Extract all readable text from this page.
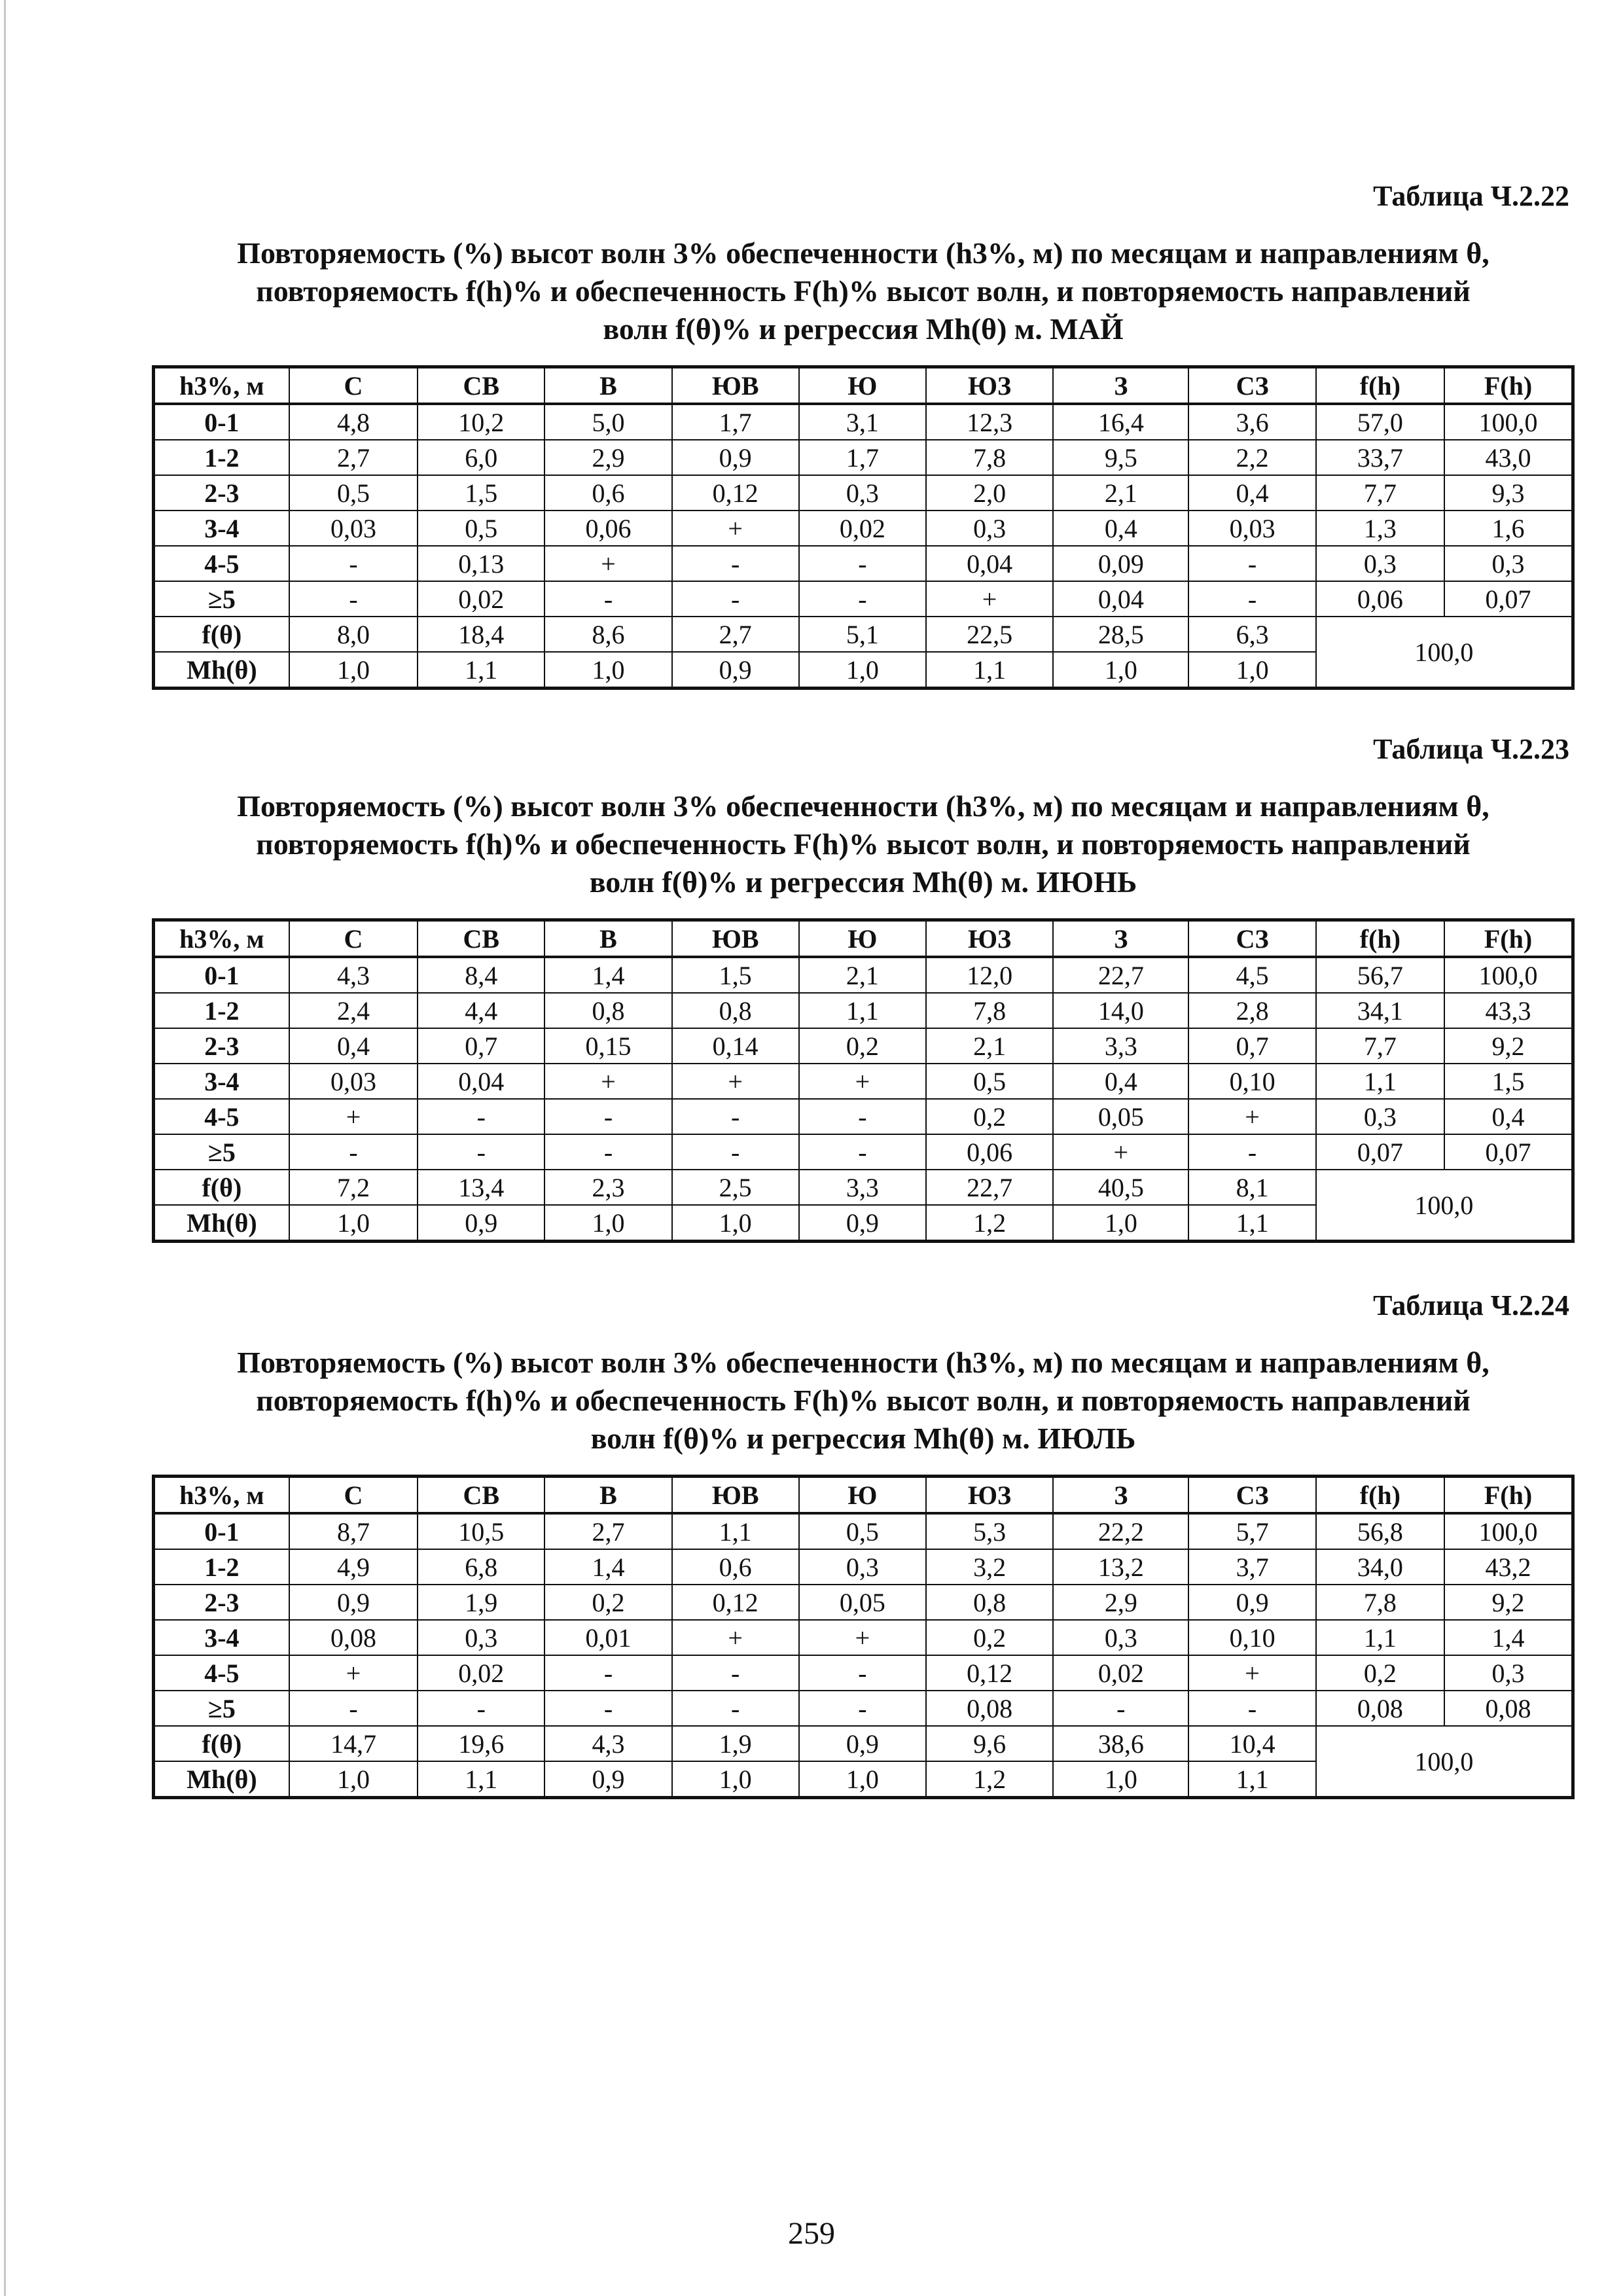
Таблица Ч.2.22
Повторяемость (%) высот волн 3% обеспеченности (h3%, м) по месяцам и направлениям θ,
повторяемость f(h)% и обеспеченность F(h)% высот волн, и повторяемость направлений
волн f(θ)% и регрессия Mh(θ) м. МАЙ
h3%, м	С	СВ	В	ЮВ	Ю	ЮЗ	З	СЗ	f(h)	F(h)
0-1	4,8	10,2	5,0	1,7	3,1	12,3	16,4	3,6	57,0	100,0
1-2	2,7	6,0	2,9	0,9	1,7	7,8	9,5	2,2	33,7	43,0
2-3	0,5	1,5	0,6	0,12	0,3	2,0	2,1	0,4	7,7	9,3
3-4	0,03	0,5	0,06	+	0,02	0,3	0,4	0,03	1,3	1,6
4-5	-	0,13	+	-	-	0,04	0,09	-	0,3	0,3
≥5	-	0,02	-	-	-	+	0,04	-	0,06	0,07
f(θ)	8,0	18,4	8,6	2,7	5,1	22,5	28,5	6,3	100,0	
Mh(θ)	1,0	1,1	1,0	0,9	1,0	1,1	1,0	1,0		
Таблица Ч.2.23
Повторяемость (%) высот волн 3% обеспеченности (h3%, м) по месяцам и направлениям θ,
повторяемость f(h)% и обеспеченность F(h)% высот волн, и повторяемость направлений
волн f(θ)% и регрессия Mh(θ) м. ИЮНЬ
h3%, м	С	СВ	В	ЮВ	Ю	ЮЗ	З	СЗ	f(h)	F(h)
0-1	4,3	8,4	1,4	1,5	2,1	12,0	22,7	4,5	56,7	100,0
1-2	2,4	4,4	0,8	0,8	1,1	7,8	14,0	2,8	34,1	43,3
2-3	0,4	0,7	0,15	0,14	0,2	2,1	3,3	0,7	7,7	9,2
3-4	0,03	0,04	+	+	+	0,5	0,4	0,10	1,1	1,5
4-5	+	-	-	-	-	0,2	0,05	+	0,3	0,4
≥5	-	-	-	-	-	0,06	+	-	0,07	0,07
f(θ)	7,2	13,4	2,3	2,5	3,3	22,7	40,5	8,1	100,0	
Mh(θ)	1,0	0,9	1,0	1,0	0,9	1,2	1,0	1,1		
Таблица Ч.2.24
Повторяемость (%) высот волн 3% обеспеченности (h3%, м) по месяцам и направлениям θ,
повторяемость f(h)% и обеспеченность F(h)% высот волн, и повторяемость направлений
волн f(θ)% и регрессия Mh(θ) м. ИЮЛЬ
h3%, м	С	СВ	В	ЮВ	Ю	ЮЗ	З	СЗ	f(h)	F(h)
0-1	8,7	10,5	2,7	1,1	0,5	5,3	22,2	5,7	56,8	100,0
1-2	4,9	6,8	1,4	0,6	0,3	3,2	13,2	3,7	34,0	43,2
2-3	0,9	1,9	0,2	0,12	0,05	0,8	2,9	0,9	7,8	9,2
3-4	0,08	0,3	0,01	+	+	0,2	0,3	0,10	1,1	1,4
4-5	+	0,02	-	-	-	0,12	0,02	+	0,2	0,3
≥5	-	-	-	-	-	0,08	-	-	0,08	0,08
f(θ)	14,7	19,6	4,3	1,9	0,9	9,6	38,6	10,4	100,0	
Mh(θ)	1,0	1,1	0,9	1,0	1,0	1,2	1,0	1,1		
259
